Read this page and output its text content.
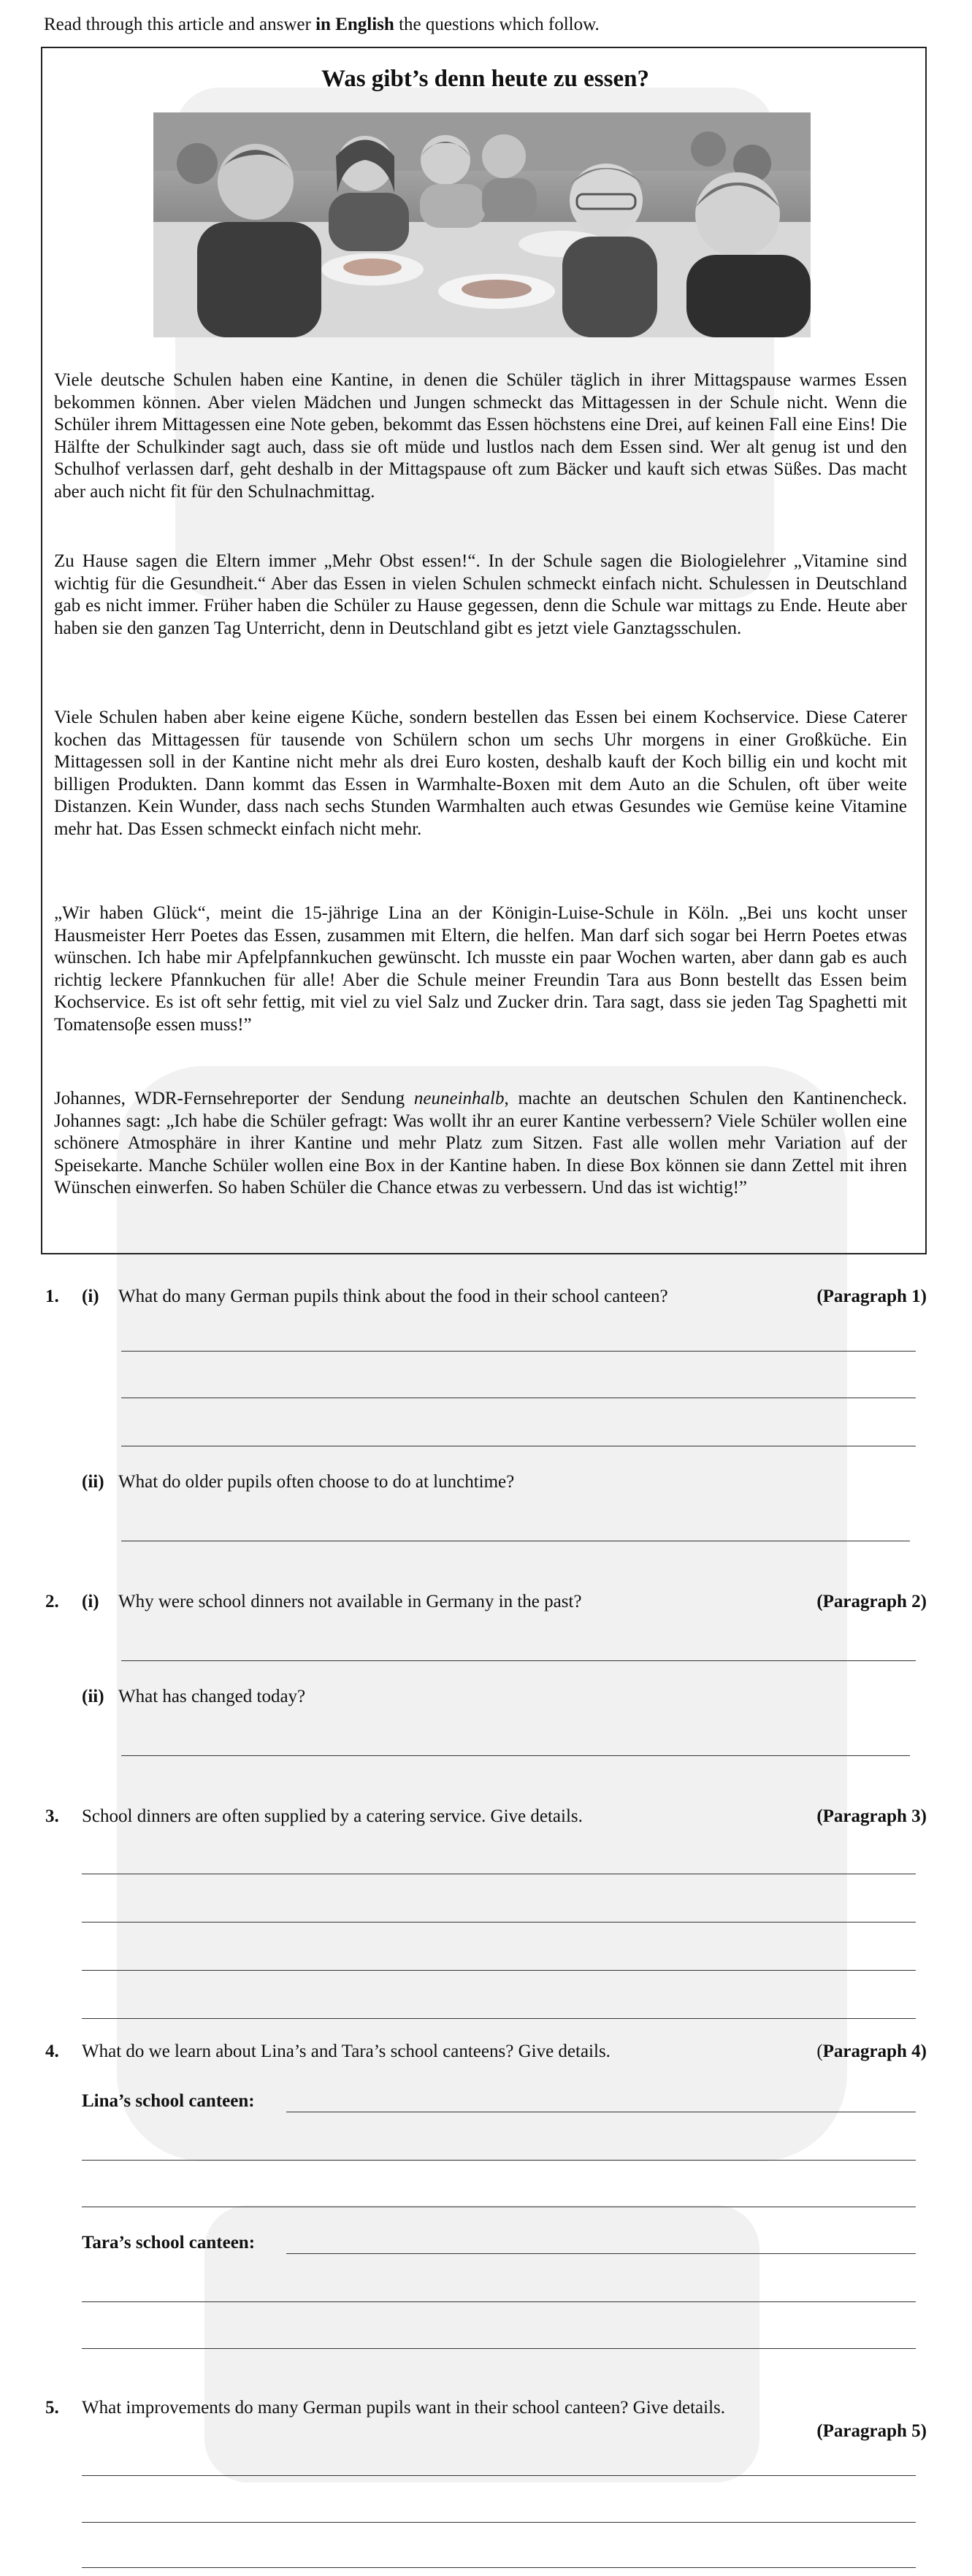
Read through this article and answer in English the questions which follow.
Was gibt’s denn heute zu essen?

Viele deutsche Schulen haben eine Kantine, in denen die Schüler täglich in ihrer Mittagspause warmes Essen bekommen können. Aber vielen Mädchen und Jungen schmeckt das Mittagessen in der Schule nicht. Wenn die Schüler ihrem Mittagessen eine Note geben, bekommt das Essen höchstens eine Drei, auf keinen Fall eine Eins! Die Hälfte der Schulkinder sagt auch, dass sie oft müde und lustlos nach dem Essen sind. Wer alt genug ist und den Schulhof verlassen darf, geht deshalb in der Mittagspause oft zum Bäcker und kauft sich etwas Süßes. Das macht aber auch nicht fit für den Schulnachmittag.

Zu Hause sagen die Eltern immer „Mehr Obst essen!“. In der Schule sagen die Biologielehrer „Vitamine sind wichtig für die Gesundheit.“ Aber das Essen in vielen Schulen schmeckt einfach nicht. Schulessen in Deutschland gab es nicht immer. Früher haben die Schüler zu Hause gegessen, denn die Schule war mittags zu Ende. Heute aber haben sie den ganzen Tag Unterricht, denn in Deutschland gibt es jetzt viele Ganztagsschulen.

Viele Schulen haben aber keine eigene Küche, sondern bestellen das Essen bei einem Kochservice. Diese Caterer kochen das Mittagessen für tausende von Schülern schon um sechs Uhr morgens in einer Großküche. Ein Mittagessen soll in der Kantine nicht mehr als drei Euro kosten, deshalb kauft der Koch billig ein und kocht mit billigen Produkten. Dann kommt das Essen in Warmhalte-Boxen mit dem Auto an die Schulen, oft über weite Distanzen. Kein Wunder, dass nach sechs Stunden Warmhalten auch etwas Gesundes wie Gemüse keine Vitamine mehr hat. Das Essen schmeckt einfach nicht mehr.

„Wir haben Glück“, meint die 15-jährige Lina an der Königin-Luise-Schule in Köln. „Bei uns kocht unser Hausmeister Herr Poetes das Essen, zusammen mit Eltern, die helfen. Man darf sich sogar bei Herrn Poetes etwas wünschen. Ich habe mir Apfelpfannkuchen gewünscht. Ich musste ein paar Wochen warten, aber dann gab es auch richtig leckere Pfannkuchen für alle! Aber die Schule meiner Freundin Tara aus Bonn bestellt das Essen beim Kochservice. Es ist oft sehr fettig, mit viel zu viel Salz und Zucker drin. Tara sagt, dass sie jeden Tag Spaghetti mit Tomatensoβe essen muss!”

Johannes, WDR-Fernsehreporter der Sendung neuneinhalb, machte an deutschen Schulen den Kantinencheck. Johannes sagt: „Ich habe die Schüler gefragt: Was wollt ihr an eurer Kantine verbessern? Viele Schüler wollen eine schönere Atmosphäre in ihrer Kantine und mehr Platz zum Sitzen. Fast alle wollen mehr Variation auf der Speisekarte. Manche Schüler wollen eine Box in der Kantine haben. In diese Box können sie dann Zettel mit ihren Wünschen einwerfen. So haben Schüler die Chance etwas zu verbessern. Und das ist wichtig!”

1. (i) What do many German pupils think about the food in their school canteen?	(Paragraph 1)
(ii) What do older pupils often choose to do at lunchtime?
2. (i) Why were school dinners not available in Germany in the past?	(Paragraph 2)
(ii) What has changed today?
3. School dinners are often supplied by a catering service. Give details.	(Paragraph 3)
4. What do we learn about Lina’s and Tara’s school canteens? Give details.	(Paragraph 4)
Lina’s school canteen:
Tara’s school canteen:
5. What improvements do many German pupils want in their school canteen? Give details.
(Paragraph 5)
